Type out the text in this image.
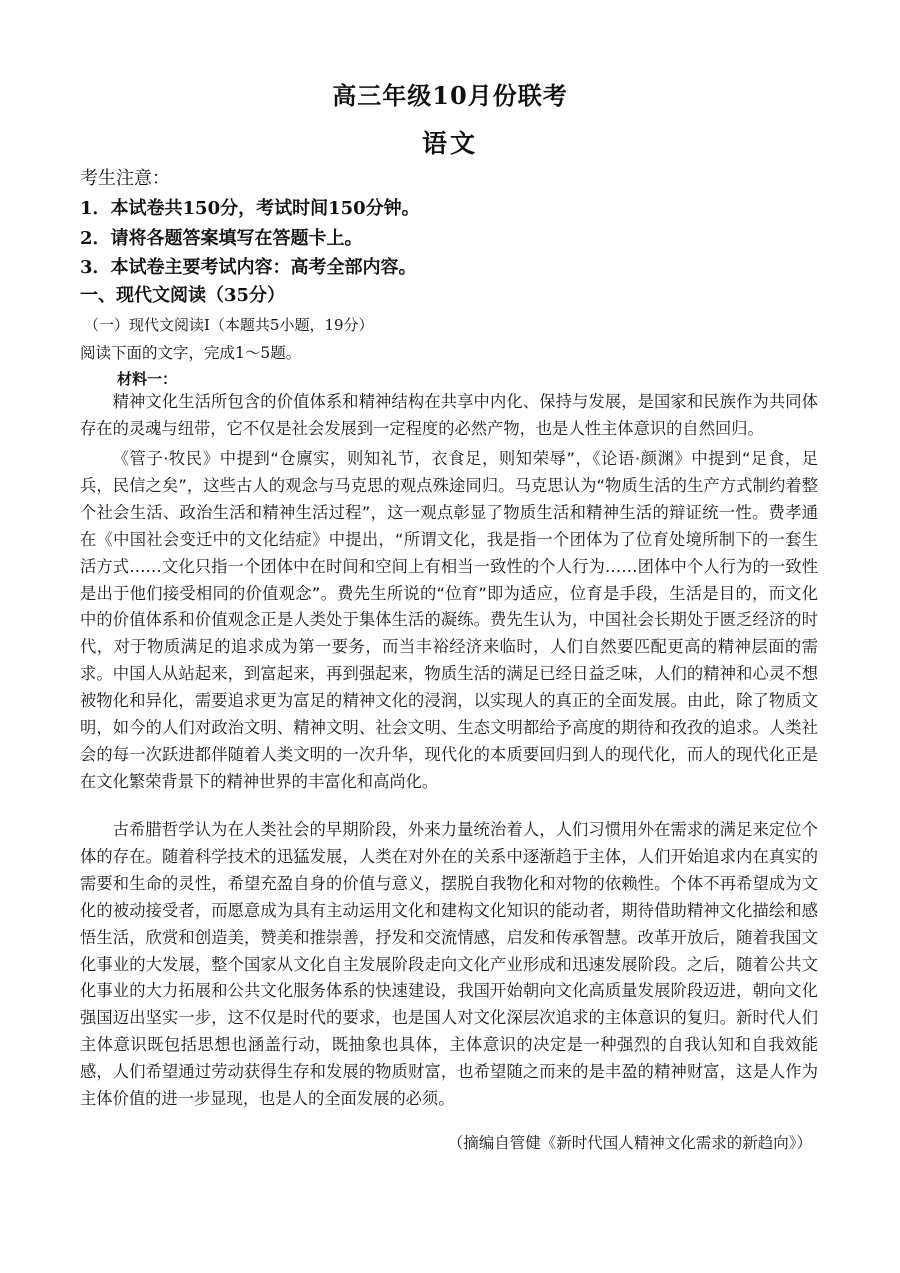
高三年级10月份联考
语文
考生注意：
1．本试卷共150分，考试时间150分钟。
2．请将各题答案填写在答题卡上。
3．本试卷主要考试内容：高考全部内容。
一、现代文阅读（35分）
（一）现代文阅读Ⅰ（本题共5小题，19分）
阅读下面的文字，完成1～5题。
材料一：

精神文化生活所包含的价值体系和精神结构在共享中内化、保持与发展，是国家和民族作为共同体存在的灵魂与纽带，它不仅是社会发展到一定程度的必然产物，也是人性主体意识的自然回归。

《管子·牧民》中提到“仓廪实，则知礼节，衣食足，则知荣辱”，《论语·颜渊》中提到“足食，足兵，民信之矣”，这些古人的观念与马克思的观点殊途同归。马克思认为“物质生活的生产方式制约着整个社会生活、政治生活和精神生活过程”，这一观点彰显了物质生活和精神生活的辩证统一性。费孝通在《中国社会变迁中的文化结症》中提出，“所谓文化，我是指一个团体为了位育处境所制下的一套生活方式……文化只指一个团体中在时间和空间上有相当一致性的个人行为……团体中个人行为的一致性是出于他们接受相同的价值观念”。费先生所说的“位育”即为适应，位育是手段，生活是目的，而文化中的价值体系和价值观念正是人类处于集体生活的凝练。费先生认为，中国社会长期处于匮乏经济的时代，对于物质满足的追求成为第一要务，而当丰裕经济来临时，人们自然要匹配更高的精神层面的需求。中国人从站起来，到富起来，再到强起来，物质生活的满足已经日益乏味，人们的精神和心灵不想被物化和异化，需要追求更为富足的精神文化的浸润，以实现人的真正的全面发展。由此，除了物质文明，如今的人们对政治文明、精神文明、社会文明、生态文明都给予高度的期待和孜孜的追求。人类社会的每一次跃进都伴随着人类文明的一次升华，现代化的本质要回归到人的现代化，而人的现代化正是在文化繁荣背景下的精神世界的丰富化和高尚化。

古希腊哲学认为在人类社会的早期阶段，外来力量统治着人，人们习惯用外在需求的满足来定位个体的存在。随着科学技术的迅猛发展，人类在对外在的关系中逐渐趋于主体，人们开始追求内在真实的需要和生命的灵性，希望充盈自身的价值与意义，摆脱自我物化和对物的依赖性。个体不再希望成为文化的被动接受者，而愿意成为具有主动运用文化和建构文化知识的能动者，期待借助精神文化描绘和感悟生活，欣赏和创造美，赞美和推崇善，抒发和交流情感，启发和传承智慧。改革开放后，随着我国文化事业的大发展，整个国家从文化自主发展阶段走向文化产业形成和迅速发展阶段。之后，随着公共文化事业的大力拓展和公共文化服务体系的快速建设，我国开始朝向文化高质量发展阶段迈进，朝向文化强国迈出坚实一步，这不仅是时代的要求，也是国人对文化深层次追求的主体意识的复归。新时代人们主体意识既包括思想也涵盖行动，既抽象也具体，主体意识的决定是一种强烈的自我认知和自我效能感，人们希望通过劳动获得生存和发展的物质财富，也希望随之而来的是丰盈的精神财富，这是人作为主体价值的进一步显现，也是人的全面发展的必须。

（摘编自管健《新时代国人精神文化需求的新趋向》）
